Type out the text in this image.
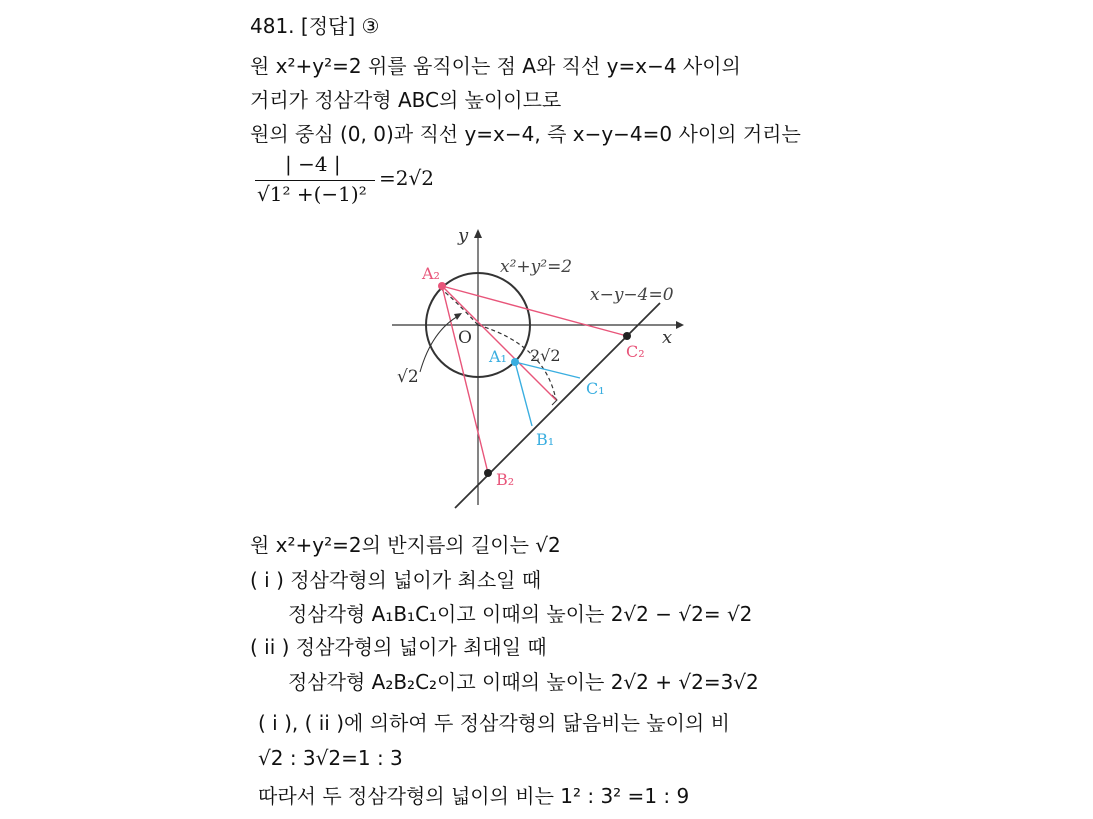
481. [정답] ③
원 x²+y²=2 위를 움직이는 점 A와 직선 y=x−4 사이의
거리가 정삼각형 ABC의 높이이므로
원의 중심 (0, 0)과 직선 y=x−4, 즉 x−y−4=0 사이의 거리는
| −4 |
√1² +(−1)²
=2√2
y
x
O
x²+y²=2
x−y−4=0
√2
2√2
A₂
A₁	C₂
C₁
B₁
B₂
원 x²+y²=2의 반지름의 길이는 √2
( i ) 정삼각형의 넓이가 최소일 때
정삼각형 A₁B₁C₁이고 이때의 높이는 2√2 − √2= √2
( ii ) 정삼각형의 넓이가 최대일 때
정삼각형 A₂B₂C₂이고 이때의 높이는 2√2 + √2=3√2
( i ), ( ii )에 의하여 두 정삼각형의 닮음비는 높이의 비
√2 : 3√2=1 : 3
따라서 두 정삼각형의 넓이의 비는 1² : 3² =1 : 9
